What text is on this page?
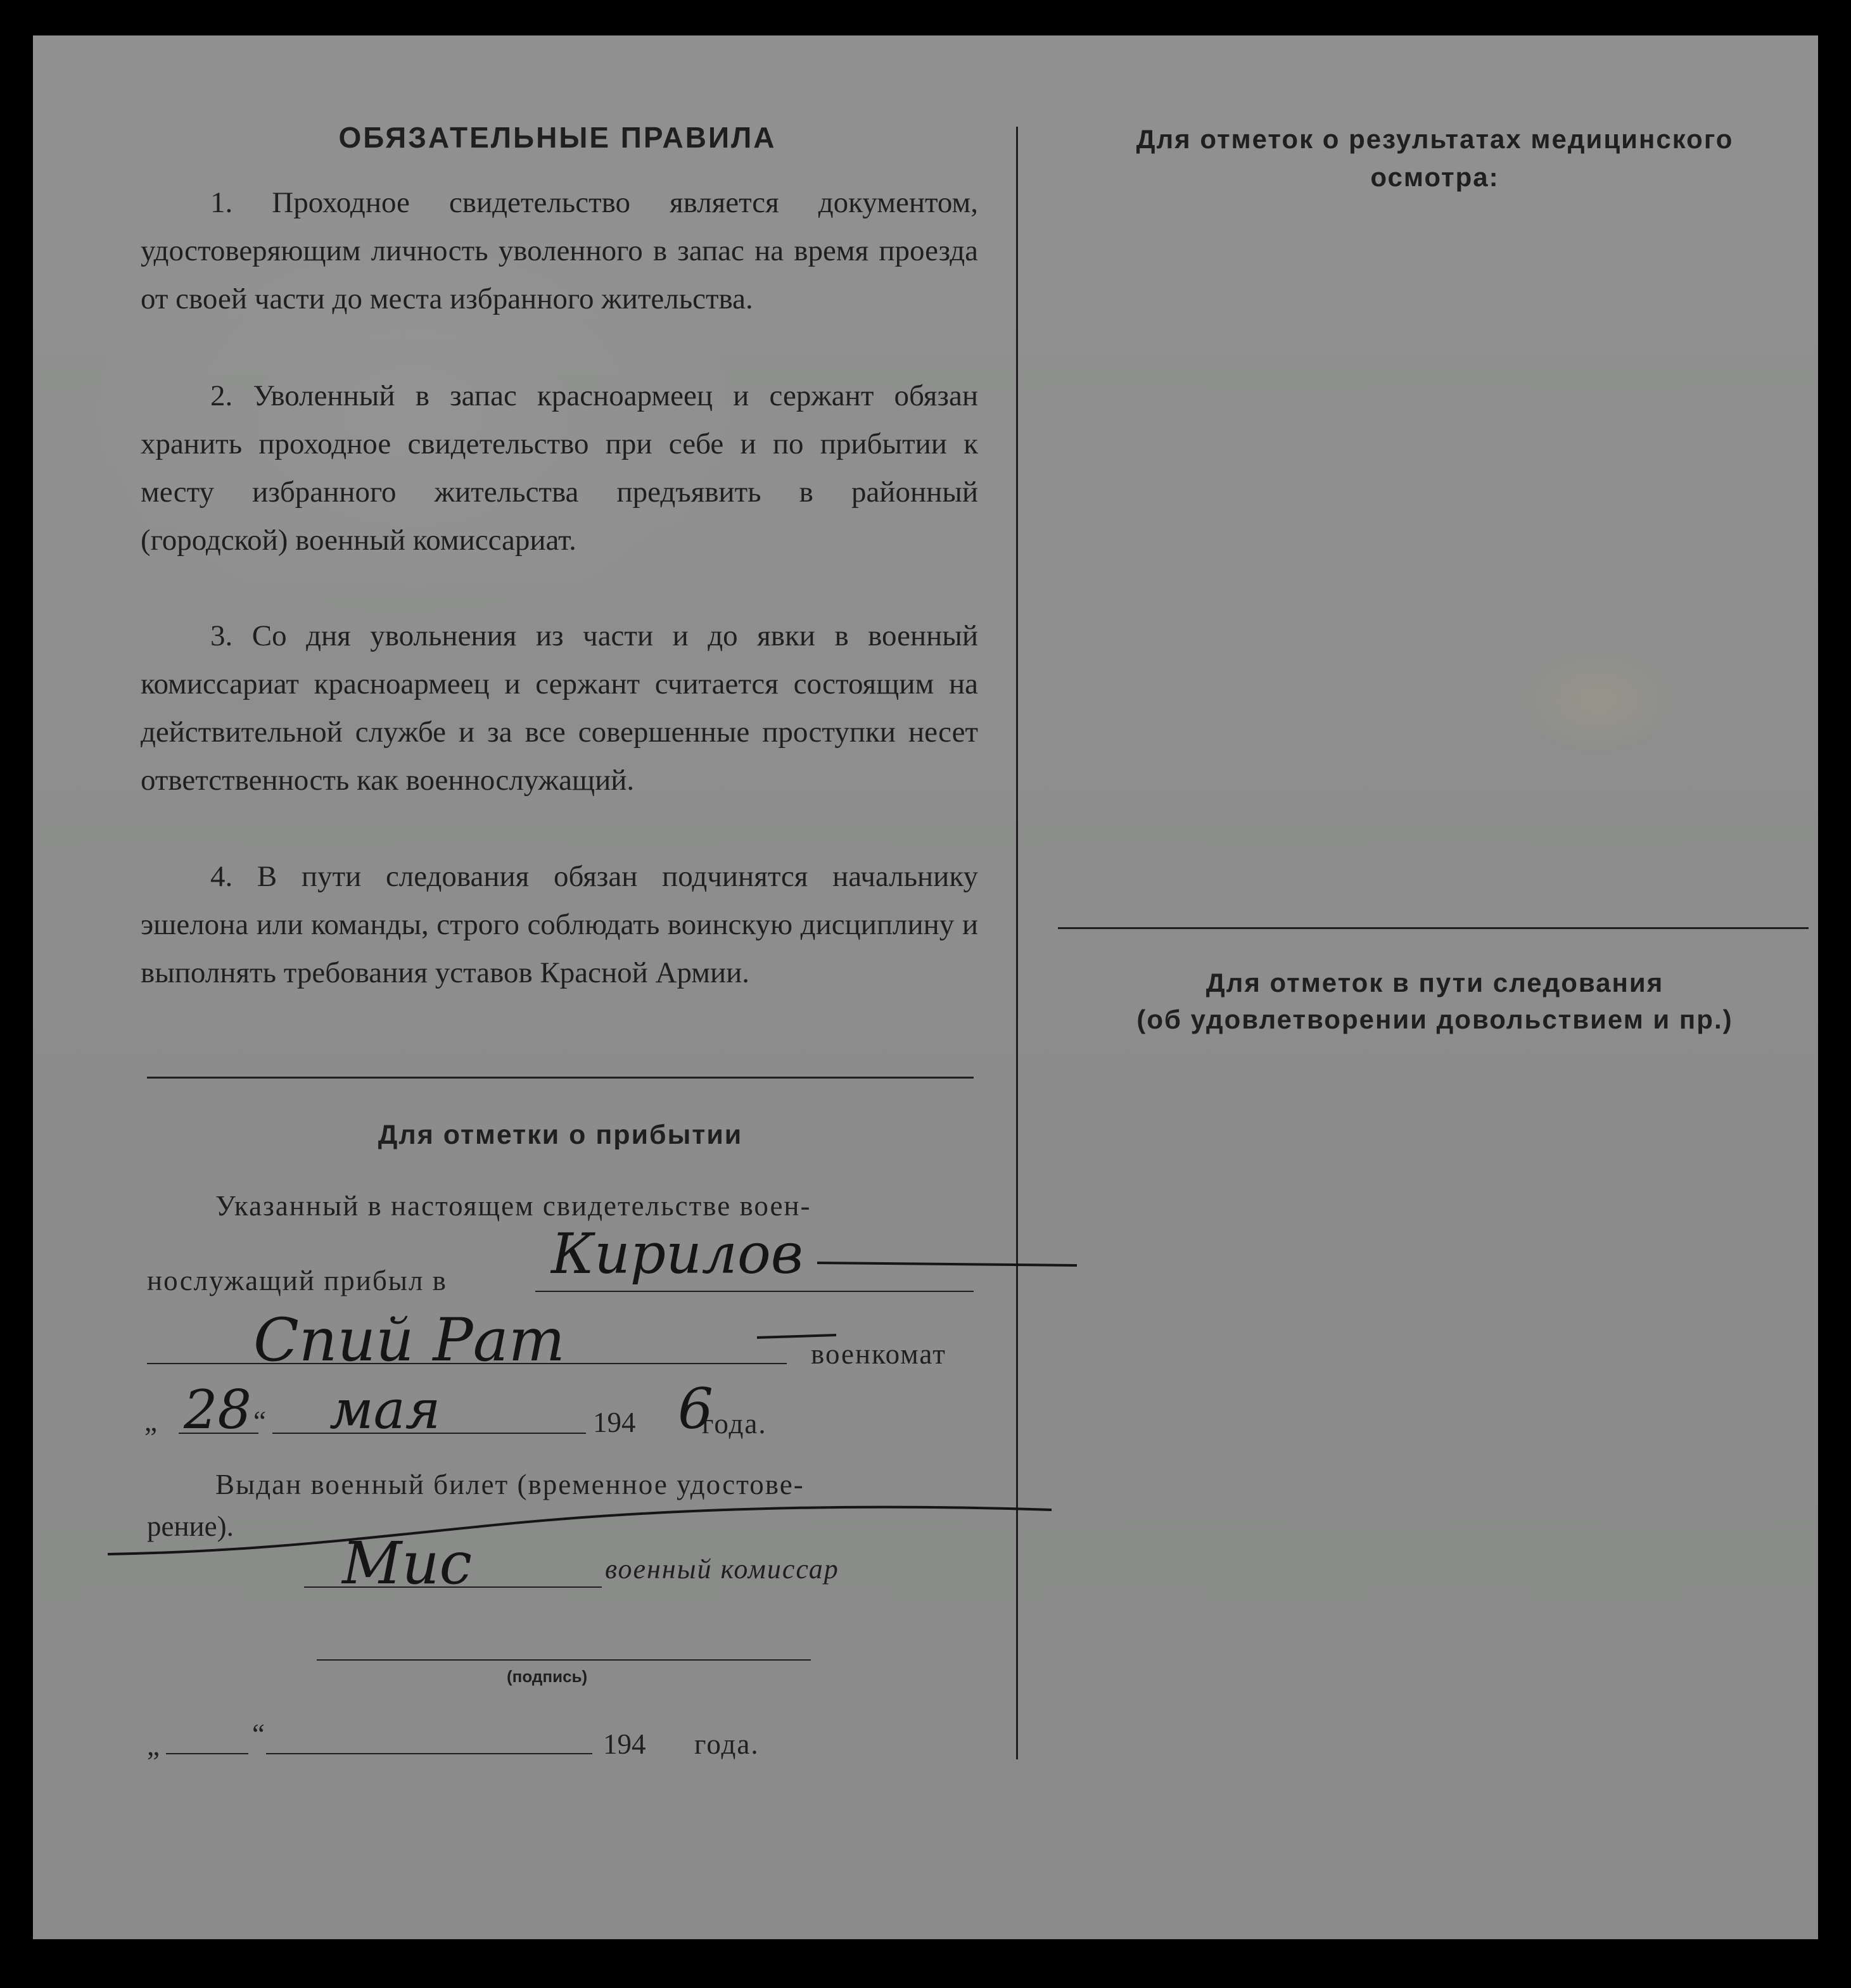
ОБЯЗАТЕЛЬНЫЕ ПРАВИЛА

1. Проходное свидетельство является документом, удостоверяющим личность уволенного в запас на время проезда от своей части до места избранного жительства.

2. Уволенный в запас красноармеец и сержант обязан хранить проходное свидетельство при себе и по прибытии к месту избранного жительства предъявить в районный (городской) военный комиссариат.

3. Со дня увольнения из части и до явки в военный комиссариат красноармеец и сержант считается состоящим на действительной службе и за все совершенные проступки несет ответственность как военнослужащий.

4. В пути следования обязан подчинятся начальнику эшелона или команды, строго соблюдать воинскую дисциплину и выполнять требования уставов Красной Армии.

Для отметки о прибытии
Указанный в настоящем свидетельстве воен-
нослужащий прибыл в
военкомат
„	“	194 года.
Выдан военный билет (временное удостове-
рение).
военный комиссар
(подпись)
„	“	194 года.
Для отметок о результатах медицинского
осмотра:
Для отметок в пути следования
(об удовлетворении довольствием и пр.)
Кирилов
Спий Рат
28 мая	6
Мис
